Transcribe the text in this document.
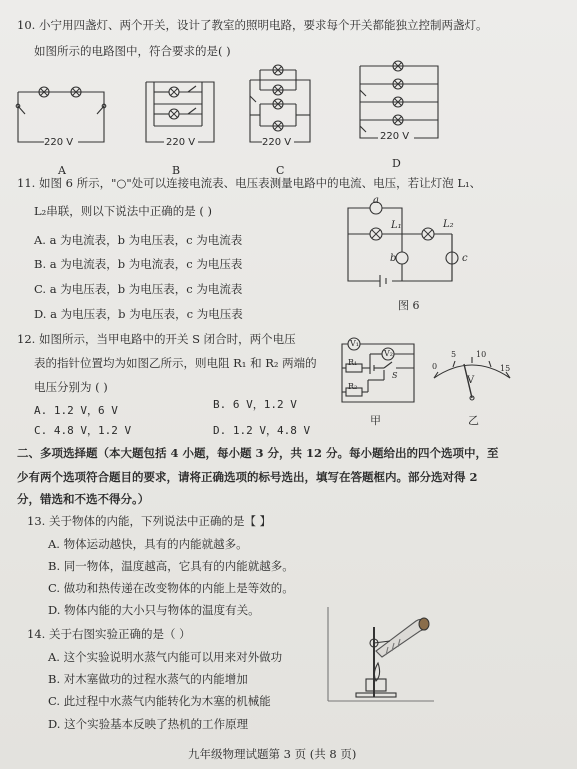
10. 小宁用四盏灯、两个开关，设计了教室的照明电路，要求每个开关都能独立控制两盏灯。
如图所示的电路图中，符合要求的是( )
220 V
A
220 V
B
220 V
C
220 V
D
11. 如图 6 所示，"○"处可以连接电流表、电压表测量电路中的电流、电压，若让灯泡 L₁、
L₂串联，则以下说法中正确的是 ( )
A. a 为电流表，b 为电压表，c 为电流表
B. a 为电流表，b 为电流表，c 为电压表
C. a 为电压表，b 为电压表，c 为电流表
D. a 为电压表，b 为电压表，c 为电压表
a
L₁	L₂
b	c
图 6
12. 如图所示，当甲电路中的开关 S 闭合时，两个电压
表的指针位置均为如图乙所示，则电阻 R₁ 和 R₂ 两端的
电压分别为 ( )
A. 1.2 V，6 V	B. 6 V，1.2 V
C. 4.8 V，1.2 V	D. 1.2 V，4.8 V
V₁
V₂
R₁
S
R₂
甲
0
5 10
15
V
乙
二、多项选择题（本大题包括 4 小题，每小题 3 分，共 12 分。每小题给出的四个选项中，至
少有两个选项符合题目的要求，请将正确选项的标号选出，填写在答题框内。部分选对得 2
分，错选和不选不得分。）
13. 关于物体的内能，下列说法中正确的是【 】
A. 物体运动越快，具有的内能就越多。
B. 同一物体，温度越高，它具有的内能就越多。
C. 做功和热传递在改变物体的内能上是等效的。
D. 物体内能的大小只与物体的温度有关。
14. 关于右图实验正确的是（ ）
A. 这个实验说明水蒸气内能可以用来对外做功
B. 对木塞做功的过程水蒸气的内能增加
C. 此过程中水蒸气内能转化为木塞的机械能
D. 这个实验基本反映了热机的工作原理
九年级物理试题第 3 页 (共 8 页)
